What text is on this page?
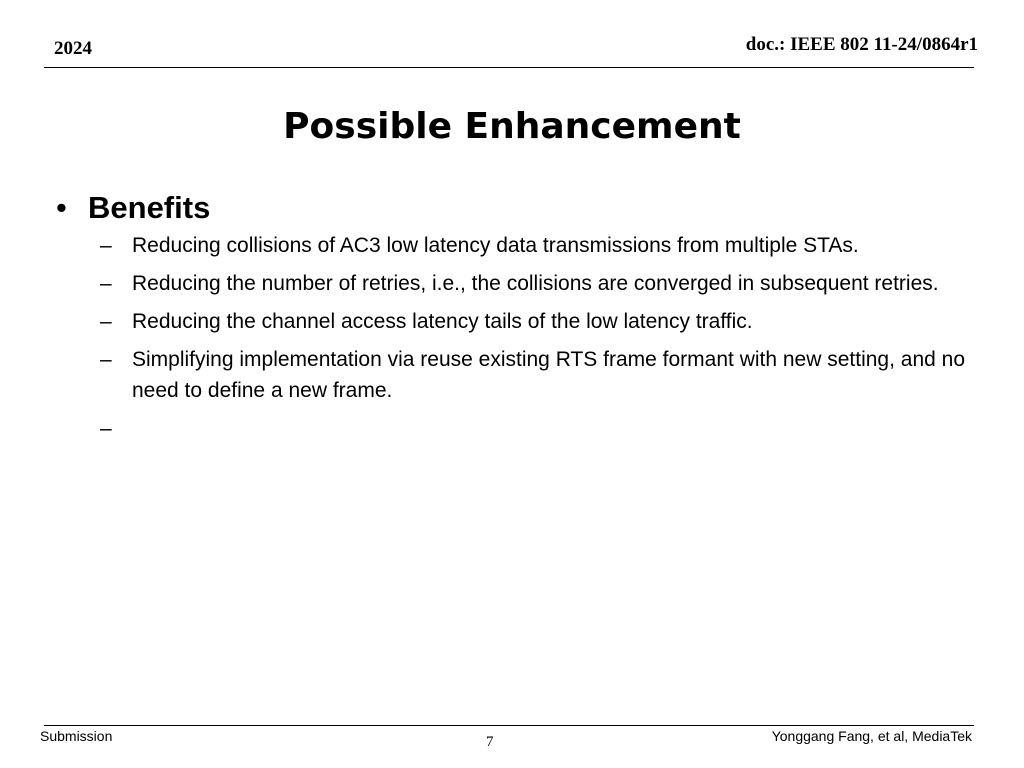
2024	doc.: IEEE 802 11-24/0864r1
Possible Enhancement
• Benefits
– Reducing collisions of AC3 low latency data transmissions from multiple STAs.
– Reducing the number of retries, i.e., the collisions are converged in subsequent retries.
– Reducing the channel access latency tails of the low latency traffic.
– Simplifying implementation via reuse existing RTS frame formant with new setting, and no need to define a new frame.
–
Submission	7	Yonggang Fang, et al, MediaTek
